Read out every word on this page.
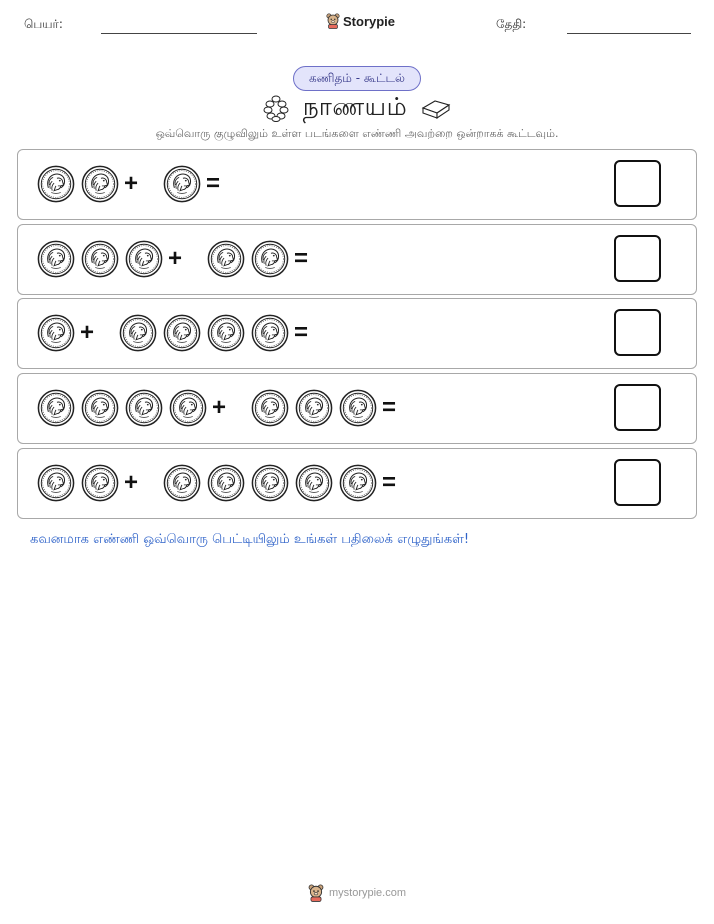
பெயர்:	Storypie	தேதி:
கணிதம் - கூட்டல்
நாணயம்
ஒவ்வொரு குழுவிலும் உள்ள படங்களை எண்ணி அவற்றை ஒன்றாகக் கூட்டவும்.
+	=
+	=
+	=
+	=
+	=
கவனமாக எண்ணி ஒவ்வொரு பெட்டியிலும் உங்கள் பதிலைக் எழுதுங்கள்!
mystorypie.com
